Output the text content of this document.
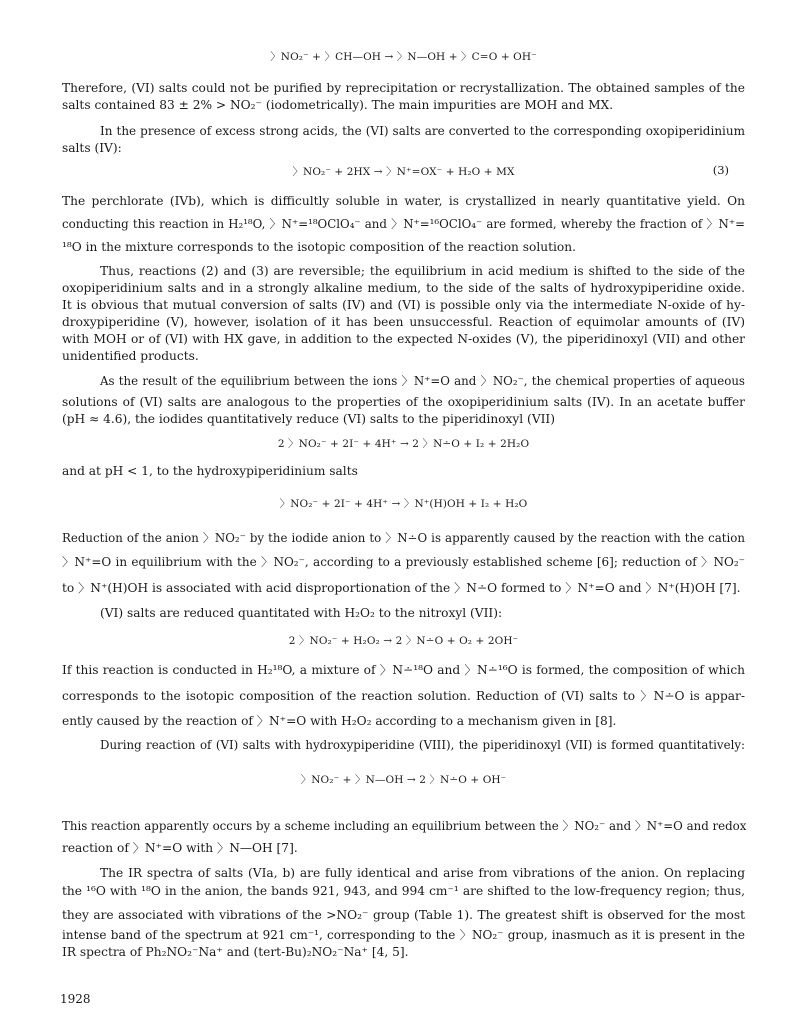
〉NO₂⁻ + 〉CH—OH → 〉N—OH + 〉C=O + OH⁻
Therefore, (VI) salts could not be purified by reprecipitation or recrystallization. The obtained samples of the
salts contained 83 ± 2% > NO₂⁻ (iodometrically). The main impurities are MOH and MX.
In the presence of excess strong acids, the (VI) salts are converted to the corresponding oxopiperidinium
salts (IV):
〉NO₂⁻ + 2HX → 〉N⁺=OX⁻ + H₂O + MX	(3)
The perchlorate (IVb), which is difficultly soluble in water, is crystallized in nearly quantitative yield. On
conducting this reaction in H₂¹⁸O, 〉N⁺=¹⁸OClO₄⁻ and 〉N⁺=¹⁶OClO₄⁻ are formed, whereby the fraction of 〉N⁺=
¹⁸O in the mixture corresponds to the isotopic composition of the reaction solution.
Thus, reactions (2) and (3) are reversible; the equilibrium in acid medium is shifted to the side of the
oxopiperidinium salts and in a strongly alkaline medium, to the side of the salts of hydroxypiperidine oxide.
It is obvious that mutual conversion of salts (IV) and (VI) is possible only via the intermediate N-oxide of hy-
droxypiperidine (V), however, isolation of it has been unsuccessful. Reaction of equimolar amounts of (IV)
with MOH or of (VI) with HX gave, in addition to the expected N-oxides (V), the piperidinoxyl (VII) and other
unidentified products.
As the result of the equilibrium between the ions 〉N⁺=O and 〉NO₂⁻, the chemical properties of aqueous
solutions of (VI) salts are analogous to the properties of the oxopiperidinium salts (IV). In an acetate buffer
(pH ≈ 4.6), the iodides quantitatively reduce (VI) salts to the piperidinoxyl (VII)
2 〉NO₂⁻ + 2I⁻ + 4H⁺ → 2 〉N∸O + I₂ + 2H₂O
and at pH < 1, to the hydroxypiperidinium salts
〉NO₂⁻ + 2I⁻ + 4H⁺ → 〉N⁺(H)OH + I₂ + H₂O
Reduction of the anion 〉NO₂⁻ by the iodide anion to 〉N∸O is apparently caused by the reaction with the cation
〉N⁺=O in equilibrium with the 〉NO₂⁻, according to a previously established scheme [6]; reduction of 〉NO₂⁻
to 〉N⁺(H)OH is associated with acid disproportionation of the 〉N∸O formed to 〉N⁺=O and 〉N⁺(H)OH [7].
(VI) salts are reduced quantitated with H₂O₂ to the nitroxyl (VII):
2 〉NO₂⁻ + H₂O₂ → 2 〉N∸O + O₂ + 2OH⁻
If this reaction is conducted in H₂¹⁸O, a mixture of 〉N∸¹⁸O and 〉N∸¹⁶O is formed, the composition of which
corresponds to the isotopic composition of the reaction solution. Reduction of (VI) salts to 〉N∸O is appar-
ently caused by the reaction of 〉N⁺=O with H₂O₂ according to a mechanism given in [8].
During reaction of (VI) salts with hydroxypiperidine (VIII), the piperidinoxyl (VII) is formed quantitatively:
〉NO₂⁻ + 〉N—OH → 2 〉N∸O + OH⁻
This reaction apparently occurs by a scheme including an equilibrium between the 〉NO₂⁻ and 〉N⁺=O and redox
reaction of 〉N⁺=O with 〉N—OH [7].
The IR spectra of salts (VIa, b) are fully identical and arise from vibrations of the anion. On replacing
the ¹⁶O with ¹⁸O in the anion, the bands 921, 943, and 994 cm⁻¹ are shifted to the low-frequency region; thus,
they are associated with vibrations of the >NO₂⁻ group (Table 1). The greatest shift is observed for the most
intense band of the spectrum at 921 cm⁻¹, corresponding to the 〉NO₂⁻ group, inasmuch as it is present in the
IR spectra of Ph₂NO₂⁻Na⁺ and (tert-Bu)₂NO₂⁻Na⁺ [4, 5].
1928
